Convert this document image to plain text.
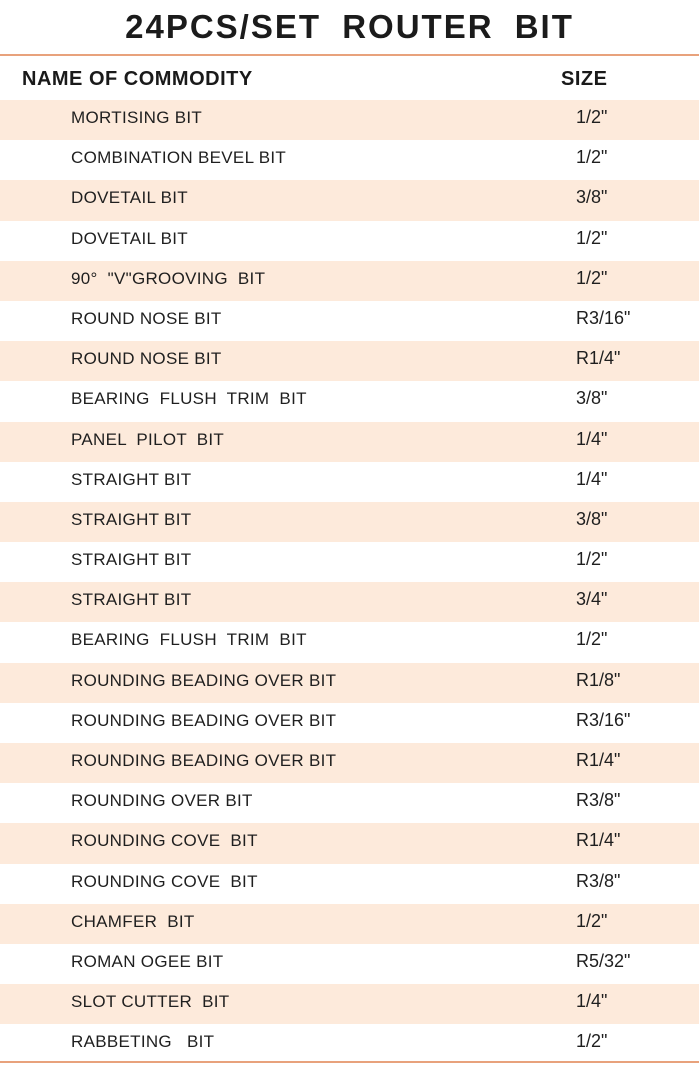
24PCS/SET ROUTER BIT
NAME OF COMMODITY	SIZE
MORTISING BIT	1/2"
COMBINATION BEVEL BIT	1/2"
DOVETAIL BIT	3/8"
DOVETAIL BIT	1/2"
90°  "V"GROOVING  BIT	1/2"
ROUND NOSE BIT	R3/16"
ROUND NOSE BIT	R1/4"
BEARING  FLUSH  TRIM  BIT	3/8"
PANEL  PILOT  BIT	1/4"
STRAIGHT BIT	1/4"
STRAIGHT BIT	3/8"
STRAIGHT BIT	1/2"
STRAIGHT BIT	3/4"
BEARING  FLUSH  TRIM  BIT	1/2"
ROUNDING BEADING OVER BIT	R1/8"
ROUNDING BEADING OVER BIT	R3/16"
ROUNDING BEADING OVER BIT	R1/4"
ROUNDING OVER BIT	R3/8"
ROUNDING COVE  BIT	R1/4"
ROUNDING COVE  BIT	R3/8"
CHAMFER  BIT	1/2"
ROMAN OGEE BIT	R5/32"
SLOT CUTTER  BIT	1/4"
RABBETING   BIT	1/2"
